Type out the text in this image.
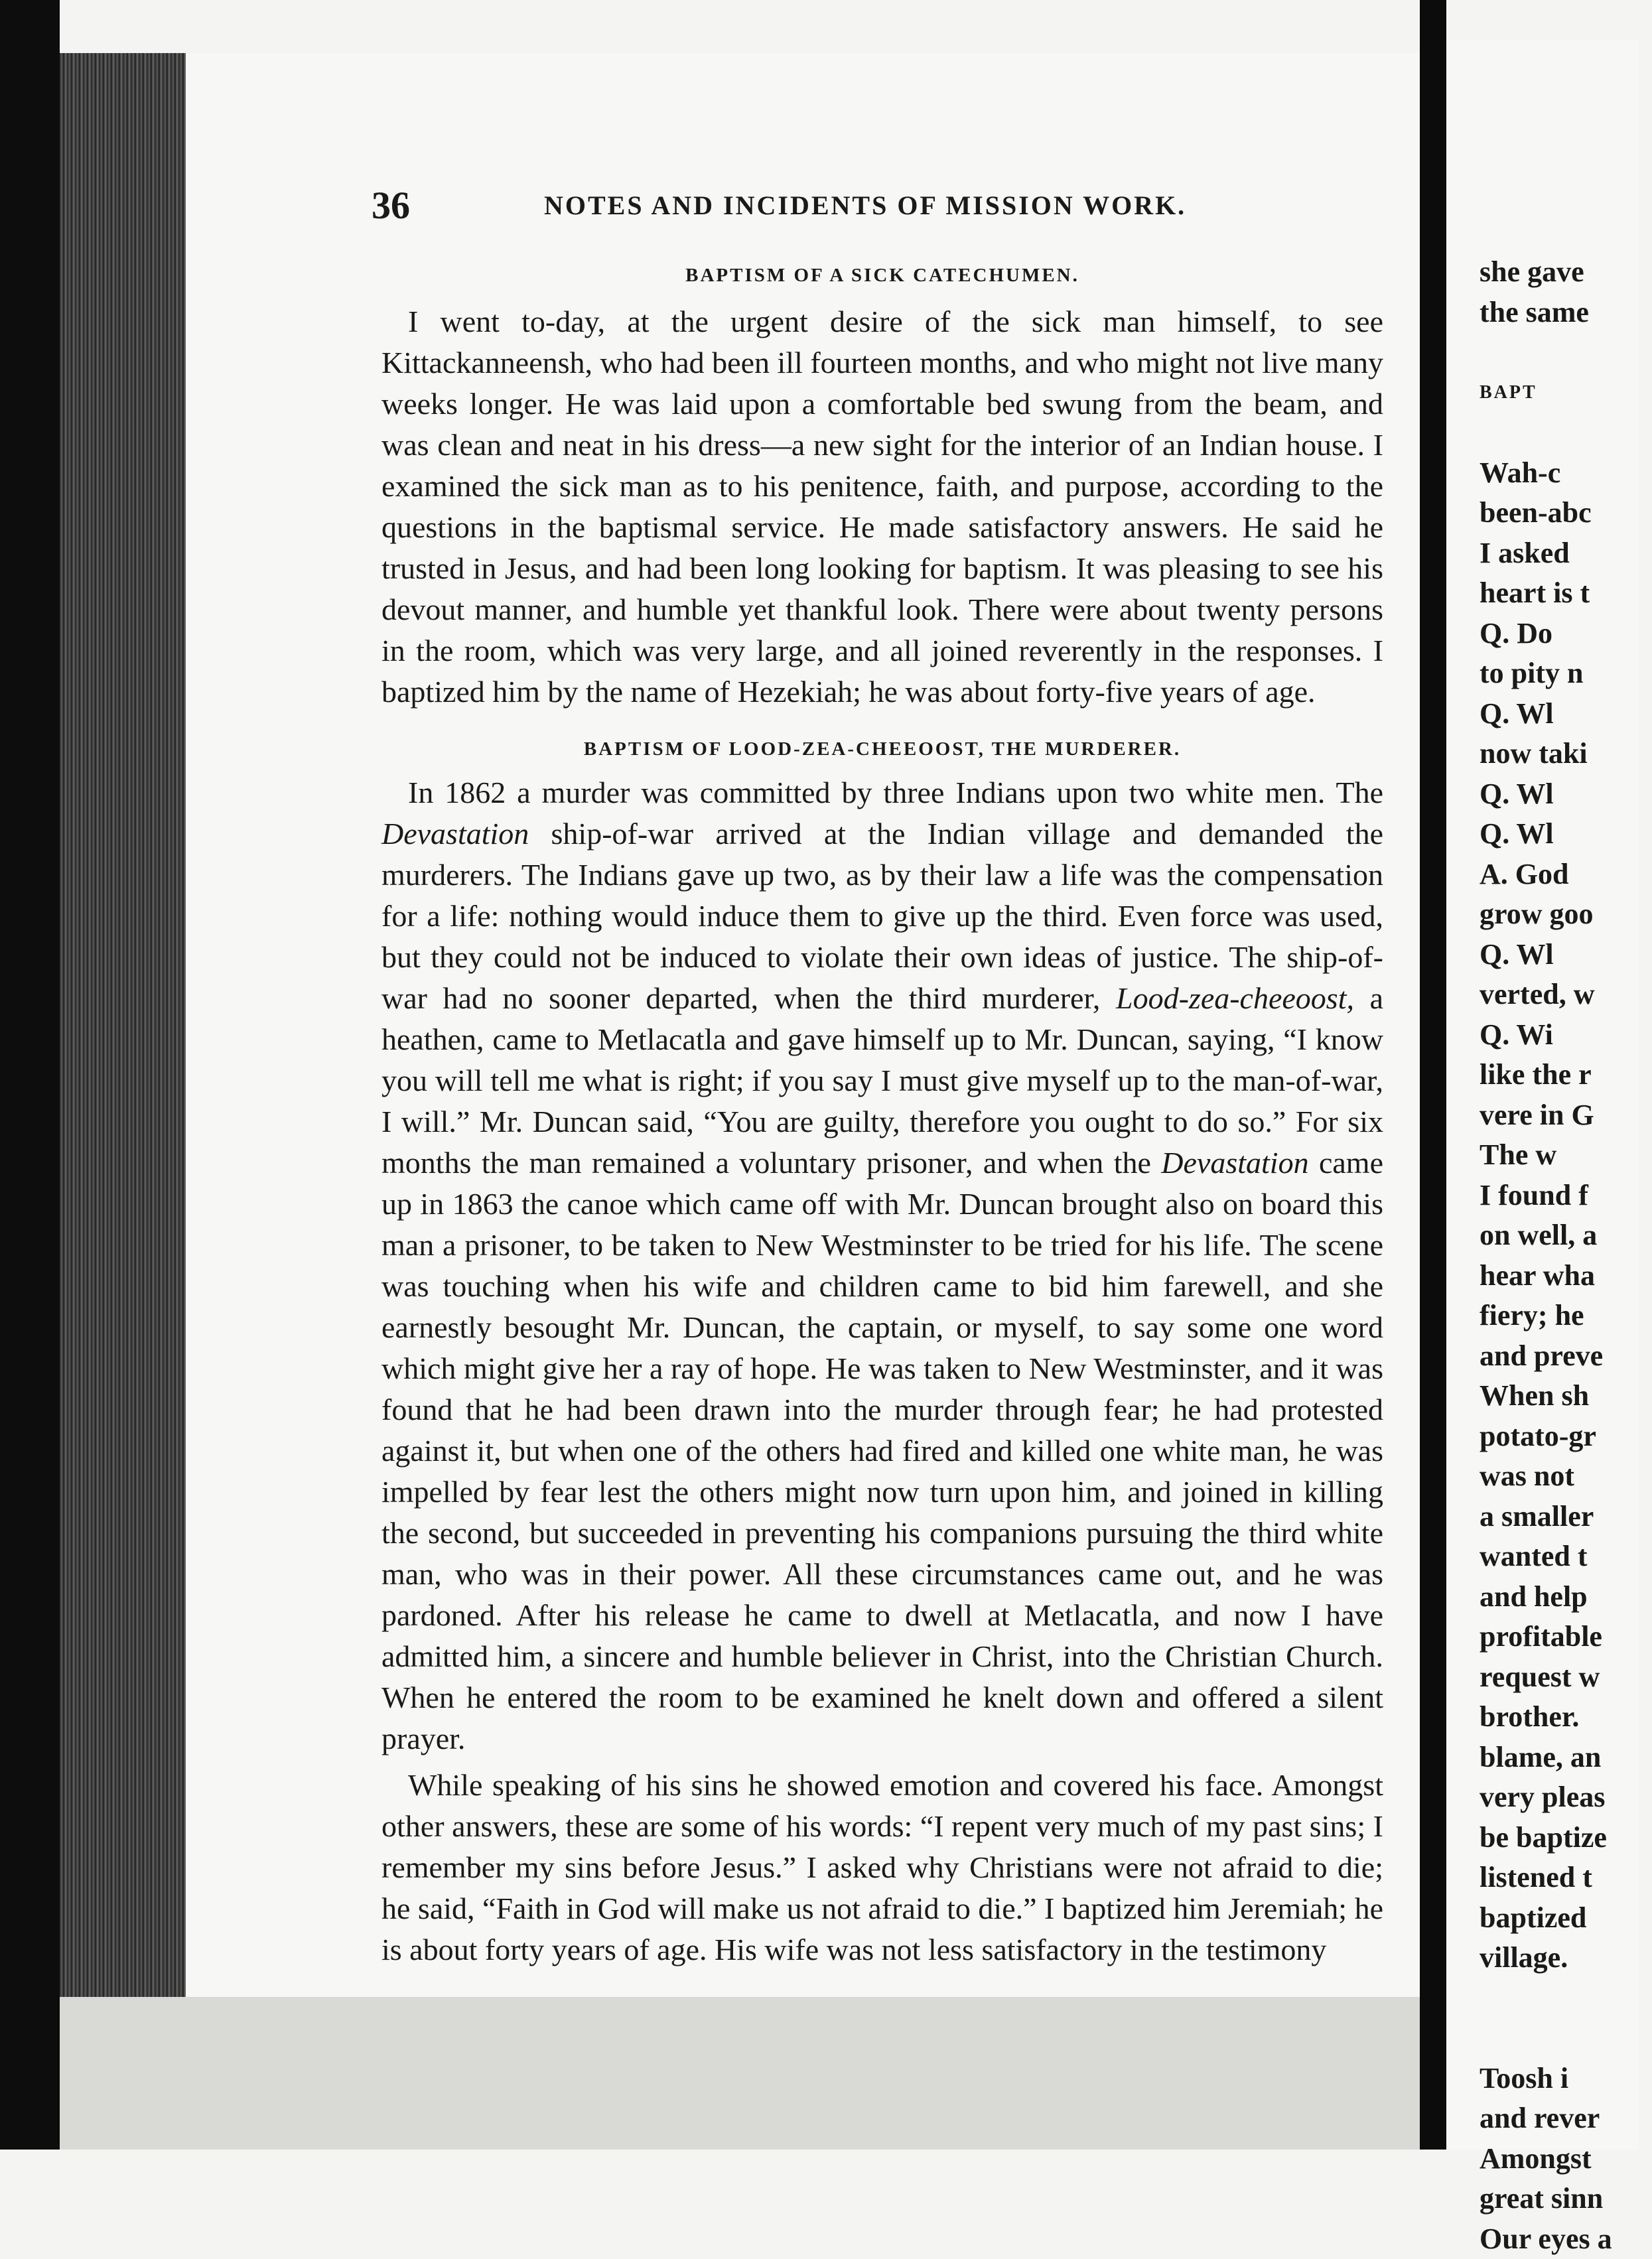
36	NOTES AND INCIDENTS OF MISSION WORK.

BAPTISM OF A SICK CATECHUMEN.

I went to-day, at the urgent desire of the sick man himself, to see Kittackanneensh, who had been ill fourteen months, and who might not live many weeks longer. He was laid upon a comfortable bed swung from the beam, and was clean and neat in his dress—a new sight for the interior of an Indian house. I examined the sick man as to his penitence, faith, and purpose, according to the questions in the baptismal service. He made satisfactory answers. He said he trusted in Jesus, and had been long looking for baptism. It was pleasing to see his devout manner, and humble yet thankful look. There were about twenty persons in the room, which was very large, and all joined reverently in the responses. I baptized him by the name of Hezekiah; he was about forty-five years of age.

BAPTISM OF LOOD-ZEA-CHEEOOST, THE MURDERER.

In 1862 a murder was committed by three Indians upon two white men. The Devastation ship-of-war arrived at the Indian village and demanded the murderers. The Indians gave up two, as by their law a life was the compensation for a life: nothing would induce them to give up the third. Even force was used, but they could not be induced to violate their own ideas of justice. The ship-of-war had no sooner departed, when the third murderer, Lood-zea-cheeoost, a heathen, came to Metlacatla and gave himself up to Mr. Duncan, saying, “I know you will tell me what is right; if you say I must give myself up to the man-of-war, I will.” Mr. Duncan said, “You are guilty, therefore you ought to do so.” For six months the man remained a voluntary prisoner, and when the Devastation came up in 1863 the canoe which came off with Mr. Duncan brought also on board this man a prisoner, to be taken to New Westminster to be tried for his life. The scene was touching when his wife and children came to bid him farewell, and she earnestly besought Mr. Duncan, the captain, or myself, to say some one word which might give her a ray of hope. He was taken to New Westminster, and it was found that he had been drawn into the murder through fear; he had protested against it, but when one of the others had fired and killed one white man, he was impelled by fear lest the others might now turn upon him, and joined in killing the second, but succeeded in preventing his companions pursuing the third white man, who was in their power. All these circumstances came out, and he was pardoned. After his release he came to dwell at Metlacatla, and now I have admitted him, a sincere and humble believer in Christ, into the Christian Church. When he entered the room to be examined he knelt down and offered a silent prayer.

While speaking of his sins he showed emotion and covered his face. Amongst other answers, these are some of his words: “I repent very much of my past sins; I remember my sins before Jesus.” I asked why Christians were not afraid to die; he said, “Faith in God will make us not afraid to die.” I baptized him Jeremiah; he is about forty years of age. His wife was not less satisfactory in the testimony

she gave
the same
BAPT
Wah-c
been-abc
I asked
heart is t
Q. Do
to pity n
Q. Wl
now taki
Q. Wl
Q. Wl
A. God
grow goo
Q. Wl
verted, w
Q. Wi
like the r
vere in G
The w
I found f
on well, a
hear wha
fiery; he
and preve
When sh
potato-gr
was not
a smaller
wanted t
and help
profitable
request w
brother.
blame, an
very pleas
be baptize
listened t
baptized
village.
Toosh i
and rever
Amongst
great sinn
Our eyes a
